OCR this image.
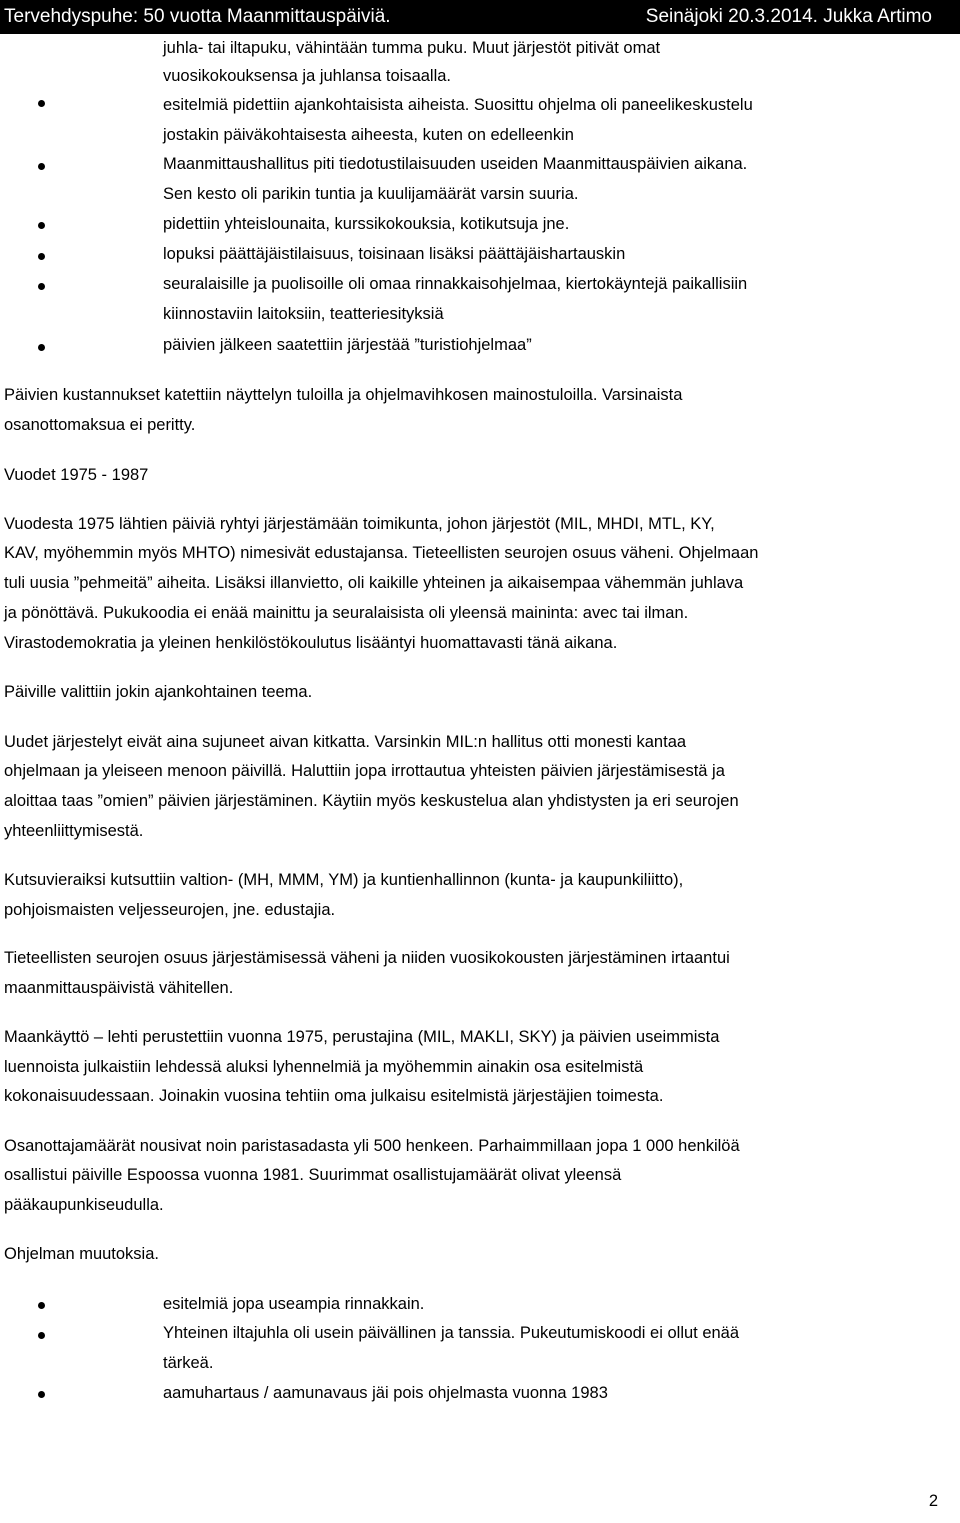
Tervehdyspuhe: 50 vuotta Maanmittauspäiviä.	Seinäjoki 20.3.2014. Jukka Artimo
juhla- tai iltapuku, vähintään tumma puku. Muut järjestöt pitivät omat
vuosikokouksensa ja juhlansa toisaalla.
esitelmiä pidettiin ajankohtaisista aiheista. Suosittu ohjelma oli paneelikeskustelu
jostakin päiväkohtaisesta aiheesta, kuten on edelleenkin
Maanmittaushallitus piti tiedotustilaisuuden useiden Maanmittauspäivien aikana.
Sen kesto oli parikin tuntia ja kuulijamäärät varsin suuria.
pidettiin yhteislounaita, kurssikokouksia, kotikutsuja jne.
lopuksi päättäjäistilaisuus, toisinaan lisäksi päättäjäishartauskin
seuralaisille ja puolisoille oli omaa rinnakkaisohjelmaa, kiertokäyntejä paikallisiin
kiinnostaviin laitoksiin, teatteriesityksiä
päivien jälkeen saatettiin järjestää ”turistiohjelmaa”
Päivien kustannukset katettiin näyttelyn tuloilla ja ohjelmavihkosen mainostuloilla. Varsinaista
osanottomaksua ei peritty.
Vuodet 1975 - 1987
Vuodesta 1975 lähtien päiviä ryhtyi järjestämään toimikunta, johon järjestöt (MIL, MHDI, MTL, KY,
KAV, myöhemmin myös MHTO) nimesivät edustajansa. Tieteellisten seurojen osuus väheni. Ohjelmaan
tuli uusia ”pehmeitä” aiheita. Lisäksi illanvietto, oli kaikille yhteinen ja aikaisempaa vähemmän juhlava
ja pönöttävä. Pukukoodia ei enää mainittu ja seuralaisista oli yleensä maininta: avec tai ilman.
Virastodemokratia ja yleinen henkilöstökoulutus lisääntyi huomattavasti tänä aikana.
Päiville valittiin jokin ajankohtainen teema.
Uudet järjestelyt eivät aina sujuneet aivan kitkatta. Varsinkin MIL:n hallitus otti monesti kantaa
ohjelmaan ja yleiseen menoon päivillä. Haluttiin jopa irrottautua yhteisten päivien järjestämisestä ja
aloittaa taas ”omien” päivien järjestäminen. Käytiin myös keskustelua alan yhdistysten ja eri seurojen
yhteenliittymisestä.
Kutsuvieraiksi kutsuttiin valtion- (MH, MMM, YM) ja kuntienhallinnon (kunta- ja kaupunkiliitto),
pohjoismaisten veljesseurojen, jne. edustajia.
Tieteellisten seurojen osuus järjestämisessä väheni ja niiden vuosikokousten järjestäminen irtaantui
maanmittauspäivistä vähitellen.
Maankäyttö – lehti perustettiin vuonna 1975, perustajina (MIL, MAKLI, SKY) ja päivien useimmista
luennoista julkaistiin lehdessä aluksi lyhennelmiä ja myöhemmin ainakin osa esitelmistä
kokonaisuudessaan. Joinakin vuosina tehtiin oma julkaisu esitelmistä järjestäjien toimesta.
Osanottajamäärät nousivat noin paristasadasta yli 500 henkeen. Parhaimmillaan jopa 1 000 henkilöä
osallistui päiville Espoossa vuonna 1981. Suurimmat osallistujamäärät olivat yleensä
pääkaupunkiseudulla.
Ohjelman muutoksia.
esitelmiä jopa useampia rinnakkain.
Yhteinen iltajuhla oli usein päivällinen ja tanssia. Pukeutumiskoodi ei ollut enää
tärkeä.
aamuhartaus / aamunavaus jäi pois ohjelmasta vuonna 1983
2
